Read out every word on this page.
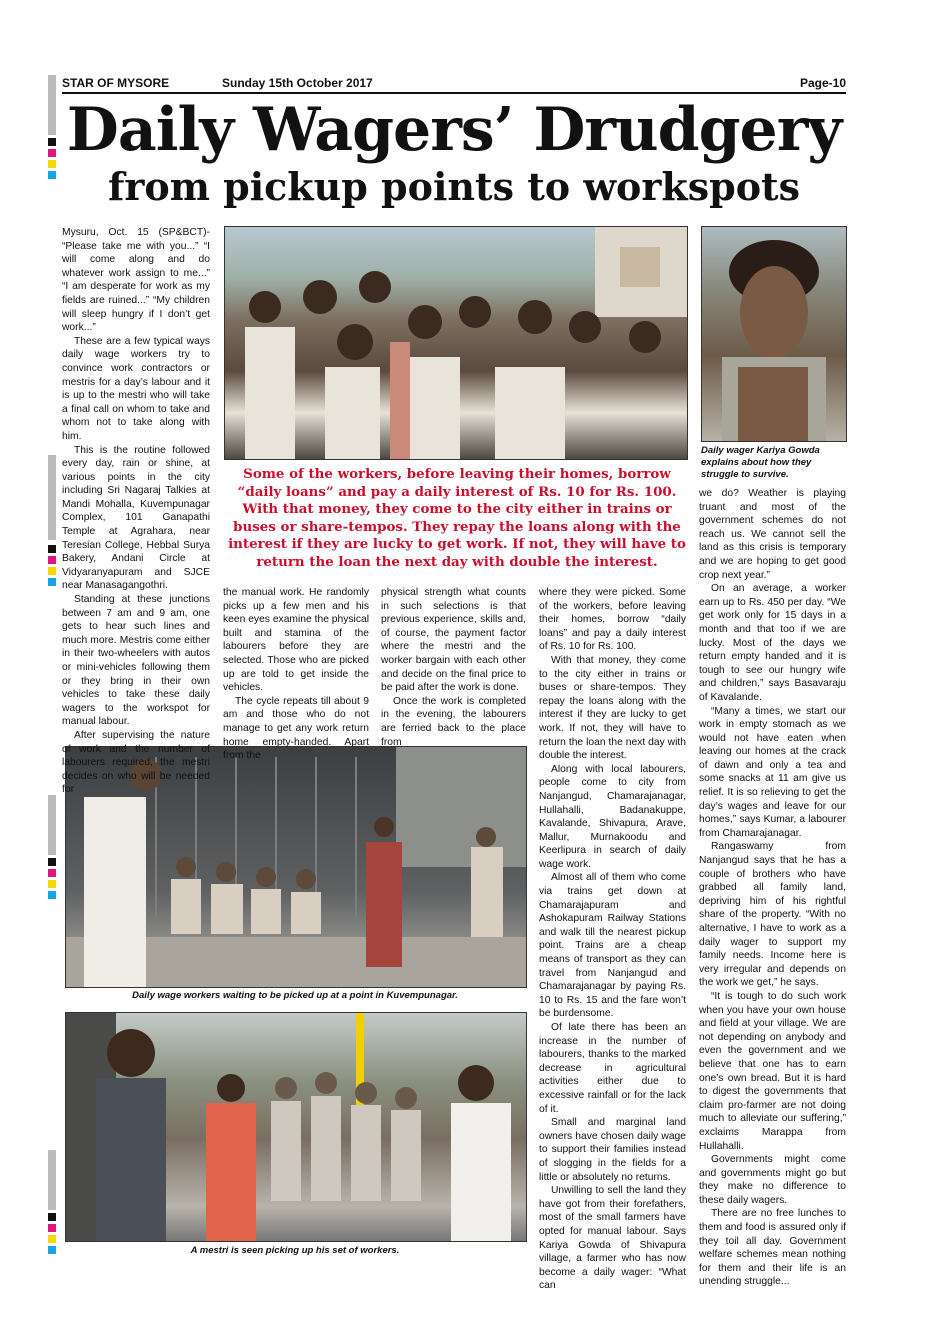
STAR OF MYSORE	Sunday 15th October 2017	Page-10
Daily Wagers’ Drudgery
from pickup points to workspots
Daily wager Kariya Gowda explains about how they struggle to survive.
Some of the workers, before leaving their homes, borrow “daily loans” and pay a daily interest of Rs. 10 for Rs. 100. With that money, they come to the city either in trains or buses or share-tempos. They repay the loans along with the interest if they are lucky to get work. If not, they will have to return the loan the next day with double the interest.
Daily wage workers waiting to be picked up at a point in Kuvempunagar.
A mestri is seen picking up his set of workers.

Mysuru, Oct. 15 (SP&BCT)- “Please take me with you...” “I will come along and do whatever work assign to me...” “I am desperate for work as my fields are ruined...” “My children will sleep hungry if I don’t get work...”

These are a few typical ways daily wage workers try to convince work contractors or mestris for a day’s labour and it is up to the mestri who will take a final call on whom to take and whom not to take along with him.

This is the routine followed every day, rain or shine, at various points in the city including Sri Nagaraj Talkies at Mandi Mohalla, Kuvempunagar Complex, 101 Ganapathi Temple at Agrahara, near Teresian College, Hebbal Surya Bakery, Andani Circle at Vidyaranyapuram and SJCE near Manasagangothri.

Standing at these junctions between 7 am and 9 am, one gets to hear such lines and much more. Mestris come either in their two-wheelers with autos or mini-vehicles following them or they bring in their own vehicles to take these daily wagers to the workspot for manual labour.

After supervising the nature of work and the number of labourers required, the mestri decides on who will be needed for

the manual work. He randomly picks up a few men and his keen eyes examine the physical built and stamina of the labourers before they are selected. Those who are picked up are told to get inside the vehicles.

The cycle repeats till about 9 am and those who do not manage to get any work return home empty-handed. Apart from the

physical strength what counts in such selections is that previous experience, skills and, of course, the payment factor where the mestri and the worker bargain with each other and decide on the final price to be paid after the work is done.

Once the work is completed in the evening, the labourers are ferried back to the place from

where they were picked. Some of the workers, before leaving their homes, borrow “daily loans” and pay a daily interest of Rs. 10 for Rs. 100.

With that money, they come to the city either in trains or buses or share-tempos. They repay the loans along with the interest if they are lucky to get work. If not, they will have to return the loan the next day with double the interest.

Along with local labourers, people come to city from Nanjangud, Chamarajanagar, Hullahalli, Badanakuppe, Kavalande, Shivapura, Arave, Mallur, Murnakoodu and Keerlipura in search of daily wage work.

Almost all of them who come via trains get down at Chamarajapuram and Ashokapuram Railway Stations and walk till the nearest pickup point. Trains are a cheap means of transport as they can travel from Nanjangud and Chamarajanagar by paying Rs. 10 to Rs. 15 and the fare won’t be burdensome.

Of late there has been an increase in the number of labourers, thanks to the marked decrease in agricultural activities either due to excessive rainfall or for the lack of it.

Small and marginal land owners have chosen daily wage to support their families instead of slogging in the fields for a little or absolutely no returns.

Unwilling to sell the land they have got from their forefathers, most of the small farmers have opted for manual labour. Says Kariya Gowda of Shivapura village, a farmer who has now become a daily wager: “What can

we do? Weather is playing truant and most of the government schemes do not reach us. We cannot sell the land as this crisis is temporary and we are hoping to get good crop next year.”

On an average, a worker earn up to Rs. 450 per day. “We get work only for 15 days in a month and that too if we are lucky. Most of the days we return empty handed and it is tough to see our hungry wife and children,” says Basavaraju of Kavalande.

“Many a times, we start our work in empty stomach as we would not have eaten when leaving our homes at the crack of dawn and only a tea and some snacks at 11 am give us relief. It is so relieving to get the day’s wages and leave for our homes,” says Kumar, a labourer from Chamarajanagar.

Rangaswamy from Nanjangud says that he has a couple of brothers who have grabbed all family land, depriving him of his rightful share of the property. “With no alternative, I have to work as a daily wager to support my family needs. Income here is very irregular and depends on the work we get,” he says.

“It is tough to do such work when you have your own house and field at your village. We are not depending on anybody and even the government and we believe that one has to earn one’s own bread. But it is hard to digest the governments that claim pro-farmer are not doing much to alleviate our suffering,” exclaims Marappa from Hullahalli.

Governments might come and governments might go but they make no difference to these daily wagers.

There are no free lunches to them and food is assured only if they toil all day. Government welfare schemes mean nothing for them and their life is an unending struggle...
